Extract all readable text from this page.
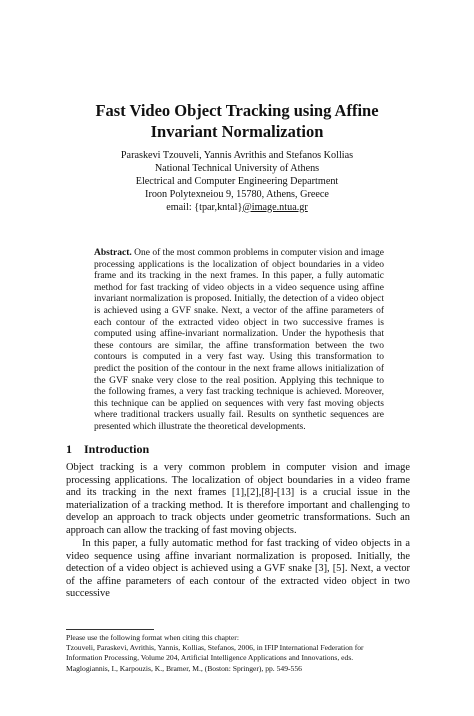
Fast Video Object Tracking using Affine
Invariant Normalization
Paraskevi Tzouveli, Yannis Avrithis and Stefanos Kollias
National Technical University of Athens
Electrical and Computer Engineering Department
Iroon Polytexneiou 9, 15780, Athens, Greece
email: {tpar,kntal}@image.ntua.gr
Abstract. One of the most common problems in computer vision and image processing applications is the localization of object boundaries in a video frame and its tracking in the next frames. In this paper, a fully automatic method for fast tracking of video objects in a video sequence using affine invariant normalization is proposed. Initially, the detection of a video object is achieved using a GVF snake. Next, a vector of the affine parameters of each contour of the extracted video object in two successive frames is computed using affine-invariant normalization. Under the hypothesis that these contours are similar, the affine transformation between the two contours is computed in a very fast way. Using this transformation to predict the position of the contour in the next frame allows initialization of the GVF snake very close to the real position. Applying this technique to the following frames, a very fast tracking technique is achieved. Moreover, this technique can be applied on sequences with very fast moving objects where traditional trackers usually fail. Results on synthetic sequences are presented which illustrate the theoretical developments.
1 Introduction

Object tracking is a very common problem in computer vision and image processing applications. The localization of object boundaries in a video frame and its tracking in the next frames [1],[2],[8]-[13] is a crucial issue in the materialization of a tracking method. It is therefore important and challenging to develop an approach to track objects under geometric transformations. Such an approach can allow the tracking of fast moving objects.

In this paper, a fully automatic method for fast tracking of video objects in a video sequence using affine invariant normalization is proposed. Initially, the detection of a video object is achieved using a GVF snake [3], [5]. Next, a vector of the affine parameters of each contour of the extracted video object in two successive

Please use the following format when citing this chapter:
Tzouveli, Paraskevi, Avrithis, Yannis, Kollias, Stefanos, 2006, in IFIP International Federation for
Information Processing, Volume 204, Artificial Intelligence Applications and Innovations, eds.
Maglogiannis, I., Karpouzis, K., Bramer, M., (Boston: Springer), pp. 549-556
